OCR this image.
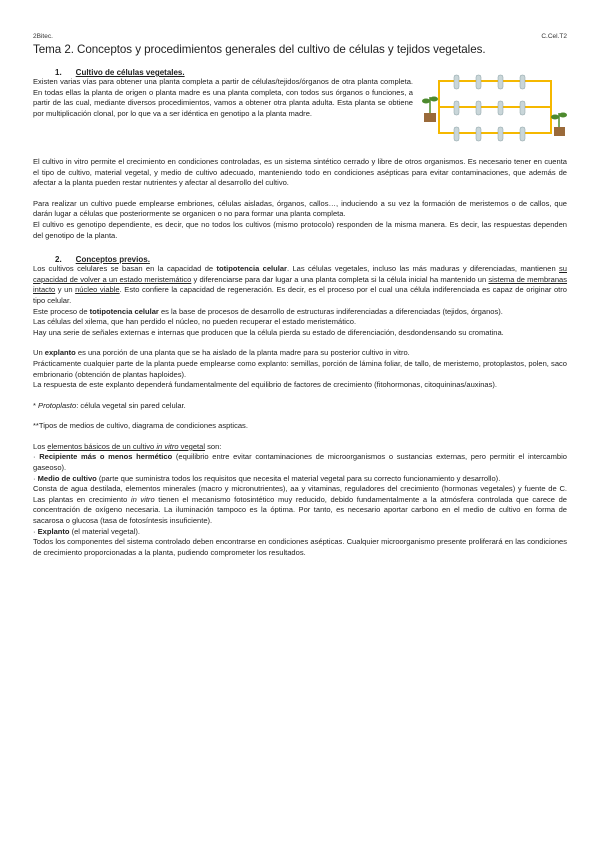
2Bitec.	C.Cel.T2
Tema 2. Conceptos y procedimientos generales del cultivo de células y tejidos vegetales.
1. Cultivo de células vegetales.

Existen varias vías para obtener una planta completa a partir de células/tejidos/órganos de otra planta completa. En todas ellas la planta de origen o planta madre es una planta completa, con todos sus órganos o funciones, a partir de las cual, mediante diversos procedimientos, vamos a obtener otra planta adulta. Esta planta se obtiene por multiplicación clonal, por lo que va a ser idéntica en genotipo a la planta madre.

El cultivo in vitro permite el crecimiento en condiciones controladas, es un sistema sintético cerrado y libre de otros organismos. Es necesario tener en cuenta el tipo de cultivo, material vegetal, y medio de cultivo adecuado, manteniendo todo en condiciones asépticas para evitar contaminaciones, que además de afectar a la planta pueden restar nutrientes y afectar al desarrollo del cultivo.

Para realizar un cultivo puede emplearse embriones, células aisladas, órganos, callos…, induciendo a su vez la formación de meristemos o de callos, que darán lugar a células que posteriormente se organicen o no para formar una planta completa.

El cultivo es genotipo dependiente, es decir, que no todos los cultivos (mismo protocolo) responden de la misma manera. Es decir, las respuestas dependen del genotipo de la planta.

2. Conceptos previos.

Los cultivos celulares se basan en la capacidad de totipotencia celular. Las células vegetales, incluso las más maduras y diferenciadas, mantienen su capacidad de volver a un estado meristemático y diferenciarse para dar lugar a una planta completa si la célula inicial ha mantenido un sistema de membranas intacto y un núcleo viable. Esto confiere la capacidad de regeneración. Es decir, es el proceso por el cual una célula indiferenciada es capaz de originar otro tipo celular.

Este proceso de totipotencia celular es la base de procesos de desarrollo de estructuras indiferenciadas a diferenciadas (tejidos, órganos).

Las células del xilema, que han perdido el núcleo, no pueden recuperar el estado meristemático.

Hay una serie de señales externas e internas que producen que la célula pierda su estado de diferenciación, desdondensando su cromatina.

Un explanto es una porción de una planta que se ha aislado de la planta madre para su posterior cultivo in vitro.

Prácticamente cualquier parte de la planta puede emplearse como explanto: semillas, porción de lámina foliar, de tallo, de meristemo, protoplastos, polen, saco embrionario (obtención de plantas haploides).

La respuesta de este explanto dependerá fundamentalmente del equilibrio de factores de crecimiento (fitohormonas, citoquininas/auxinas).

* Protoplasto: célula vegetal sin pared celular.

**Tipos de medios de cultivo, diagrama de condiciones aspticas.

Los elementos básicos de un cultivo in vitro vegetal son:

· Recipiente más o menos hermético (equilibrio entre evitar contaminaciones de microorganismos o sustancias externas, pero permitir el intercambio gaseoso).

· Medio de cultivo (parte que suministra todos los requisitos que necesita el material vegetal para su correcto funcionamiento y desarrollo).

Consta de agua destilada, elementos minerales (macro y micronutrientes), aa y vitaminas, reguladores del crecimiento (hormonas vegetales) y fuente de C. Las plantas en crecimiento in vitro tienen el mecanismo fotosintético muy reducido, debido fundamentalmente a la atmósfera controlada que carece de concentración de oxígeno necesaria. La iluminación tampoco es la óptima. Por tanto, es necesario aportar carbono en el medio de cultivo en forma de sacarosa o glucosa (tasa de fotosíntesis insuficiente).

· Explanto (el material vegetal).

Todos los componentes del sistema controlado deben encontrarse en condiciones asépticas. Cualquier microorganismo presente proliferará en las condiciones de crecimiento proporcionadas a la planta, pudiendo comprometer los resultados.
